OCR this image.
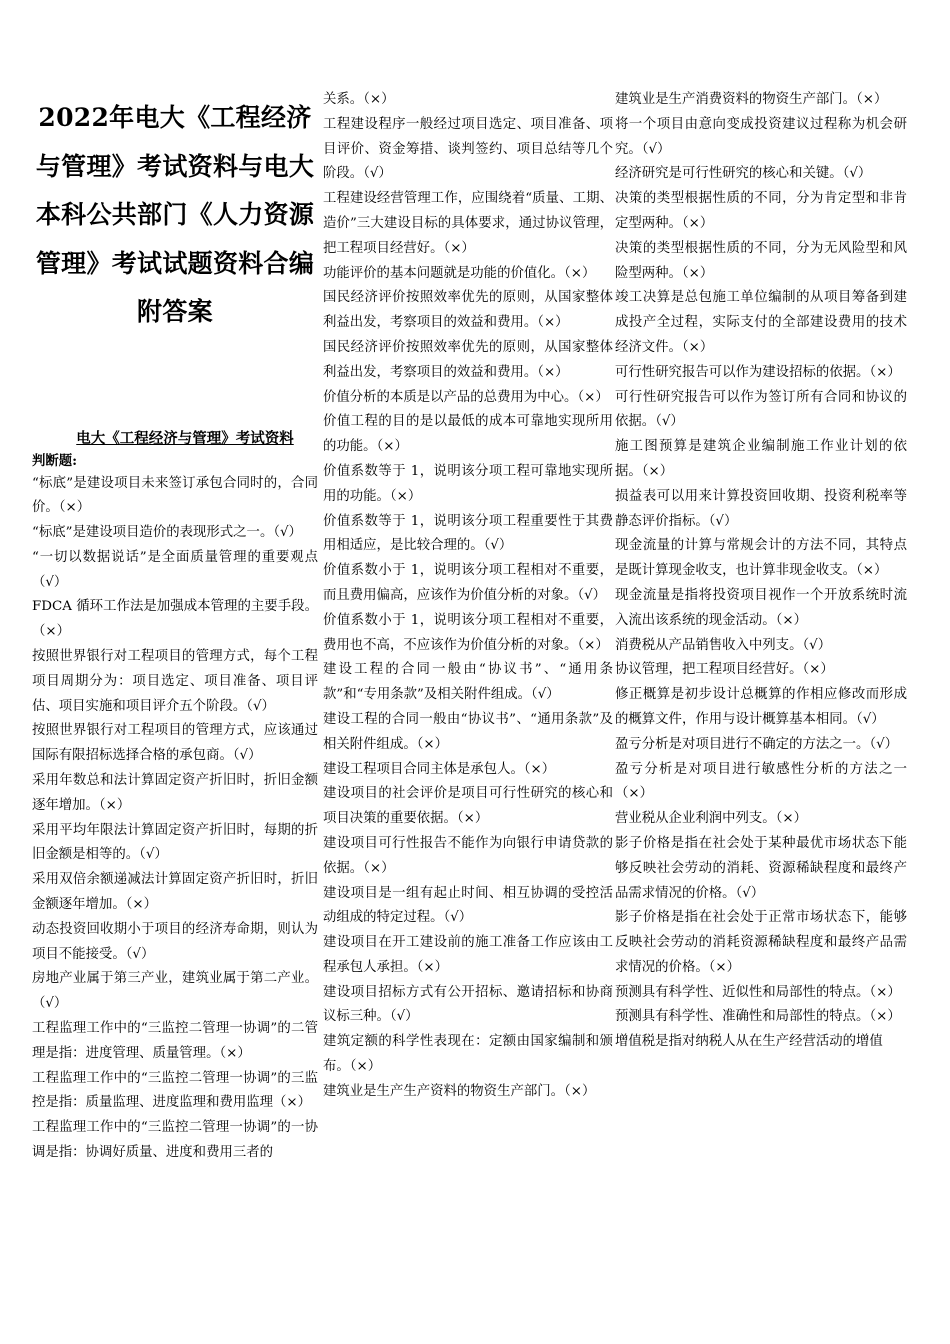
2022年电大《工程经济与管理》考试资料与电大本科公共部门《人力资源管理》考试试题资料合编附答案
电大《工程经济与管理》考试资料
判断题:

“标底”是建设项目未来签订承包合同时的，合同价。（×）

“标底”是建设项目造价的表现形式之一。（√）

“一切以数据说话”是全面质量管理的重要观点（√）

FDCA 循环工作法是加强成本管理的主要手段。（×）

按照世界银行对工程项目的管理方式，每个工程项目周期分为：项目选定、项目准备、项目评估、项目实施和项目评介五个阶段。（√）

按照世界银行对工程项目的管理方式，应该通过国际有限招标选择合格的承包商。（√）

采用年数总和法计算固定资产折旧时，折旧金额逐年增加。（×）

采用平均年限法计算固定资产折旧时，每期的折旧金额是相等的。（√）

采用双倍余额递减法计算固定资产折旧时，折旧金额逐年增加。（×）

动态投资回收期小于项目的经济寿命期，则认为项目不能接受。（√）

房地产业属于第三产业，建筑业属于第二产业。（√）

工程监理工作中的“三监控二管理一协调”的二管理是指：进度管理、质量管理。（×）

工程监理工作中的“三监控二管理一协调”的三监控是指：质量监理、进度监理和费用监理（×）

工程监理工作中的“三监控二管理一协调”的一协调是指：协调好质量、进度和费用三者的

关系。（×）

工程建设程序一般经过项目选定、项目准备、项目评价、资金筹措、谈判签约、项目总结等几个阶段。（√）

工程建设经营管理工作，应围绕着“质量、工期、造价”三大建设目标的具体要求，通过协议管理，把工程项目经营好。（×）

功能评价的基本问题就是功能的价值化。（×）

国民经济评价按照效率优先的原则，从国家整体利益出发，考察项目的效益和费用。（×）

国民经济评价按照效率优先的原则，从国家整体利益出发，考察项目的效益和费用。（×）

价值分析的本质是以产品的总费用为中心。（×）

价值工程的目的是以最低的成本可靠地实现所用的功能。（×）

价值系数等于 1，说明该分项工程可靠地实现所用的功能。（×）

价值系数等于 1，说明该分项工程重要性于其费用相适应，是比较合理的。（√）

价值系数小于 1，说明该分项工程相对不重要，而且费用偏高，应该作为价值分析的对象。（√）

价值系数小于 1，说明该分项工程相对不重要，费用也不高，不应该作为价值分析的对象。（×）

建设工程的合同一般由“协议书”、“通用条款”和“专用条款”及相关附件组成。（√）

建设工程的合同一般由“协议书”、“通用条款”及相关附件组成。（×）

建设工程项目合同主体是承包人。（×）

建设项目的社会评价是项目可行性研究的核心和项目决策的重要依据。（×）

建设项目可行性报告不能作为向银行申请贷款的依据。（×）

建设项目是一组有起止时间、相互协调的受控活动组成的特定过程。（√）

建设项目在开工建设前的施工准备工作应该由工程承包人承担。（×）

建设项目招标方式有公开招标、邀请招标和协商议标三种。（√）

建筑定额的科学性表现在：定额由国家编制和颁布。（×）

建筑业是生产生产资料的物资生产部门。（×）

建筑业是生产消费资料的物资生产部门。（×）

将一个项目由意向变成投资建议过程称为机会研究。（√）

经济研究是可行性研究的核心和关键。（√）

决策的类型根据性质的不同，分为肯定型和非肯定型两种。（×）

决策的类型根据性质的不同，分为无风险型和风险型两种。（×）

竣工决算是总包施工单位编制的从项目筹备到建成投产全过程，实际支付的全部建设费用的技术经济文件。（×）

可行性研究报告可以作为建设招标的依据。（×）

可行性研究报告可以作为签订所有合同和协议的依据。（√）

施工图预算是建筑企业编制施工作业计划的依据。（×）

损益表可以用来计算投资回收期、投资利税率等静态评价指标。（√）

现金流量的计算与常规会计的方法不同，其特点是既计算现金收支，也计算非现金收支。（×）

现金流量是指将投资项目视作一个开放系统时流入流出该系统的现金活动。（×）

消费税从产品销售收入中列支。（√）

协议管理，把工程项目经营好。（×）

修正概算是初步设计总概算的作相应修改而形成的概算文件，作用与设计概算基本相同。（√）

盈亏分析是对项目进行不确定的方法之一。（√）

盈亏分析是对项目进行敏感性分析的方法之一（×）

营业税从企业利润中列支。（×）

影子价格是指在社会处于某种最优市场状态下能够反映社会劳动的消耗、资源稀缺程度和最终产品需求情况的价格。（√）

影子价格是指在社会处于正常市场状态下，能够反映社会劳动的消耗资源稀缺程度和最终产品需求情况的价格。（×）

预测具有科学性、近似性和局部性的特点。（×）

预测具有科学性、准确性和局部性的特点。（×）

增值税是指对纳税人从在生产经营活动的增值
